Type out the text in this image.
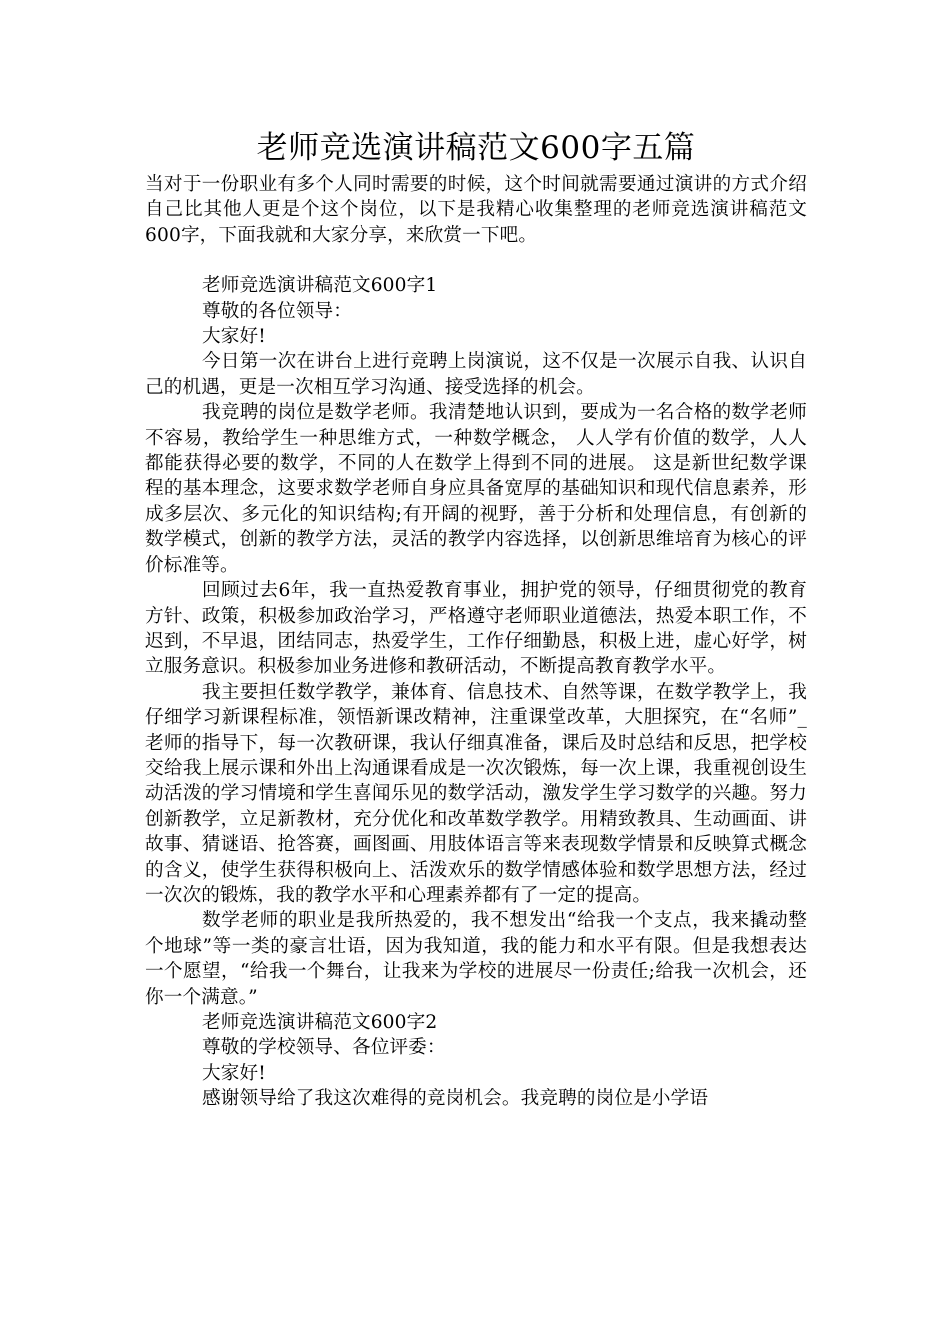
老师竞选演讲稿范文600字五篇

当对于一份职业有多个人同时需要的时候，这个时间就需要通过演讲的方式介绍自己比其他人更是个这个岗位，以下是我精心收集整理的老师竞选演讲稿范文600字，下面我就和大家分享，来欣赏一下吧。

老师竞选演讲稿范文600字1

尊敬的各位领导：

大家好!

今日第一次在讲台上进行竞聘上岗演说，这不仅是一次展示自我、认识自己的机遇，更是一次相互学习沟通、接受选择的机会。

我竞聘的岗位是数学老师。我清楚地认识到，要成为一名合格的数学老师不容易，教给学生一种思维方式，一种数学概念， 人人学有价值的数学，人人都能获得必要的数学，不同的人在数学上得到不同的进展。 这是新世纪数学课程的基本理念，这要求数学老师自身应具备宽厚的基础知识和现代信息素养，形成多层次、多元化的知识结构;有开阔的视野，善于分析和处理信息，有创新的数学模式，创新的教学方法，灵活的教学内容选择，以创新思维培育为核心的评价标准等。

回顾过去6年，我一直热爱教育事业，拥护党的领导，仔细贯彻党的教育方针、政策，积极参加政治学习，严格遵守老师职业道德法，热爱本职工作，不迟到，不早退，团结同志，热爱学生，工作仔细勤恳，积极上进，虚心好学，树立服务意识。积极参加业务进修和教研活动，不断提高教育教学水平。

我主要担任数学教学，兼体育、信息技术、自然等课，在数学教学上，我仔细学习新课程标准，领悟新课改精神，注重课堂改革，大胆探究，在“名师”_老师的指导下，每一次教研课，我认仔细真准备，课后及时总结和反思，把学校交给我上展示课和外出上沟通课看成是一次次锻炼，每一次上课，我重视创设生动活泼的学习情境和学生喜闻乐见的数学活动，激发学生学习数学的兴趣。努力创新教学，立足新教材，充分优化和改革数学教学。用精致教具、生动画面、讲故事、猜谜语、抢答赛，画图画、用肢体语言等来表现数学情景和反映算式概念的含义，使学生获得积极向上、活泼欢乐的数学情感体验和数学思想方法，经过一次次的锻炼，我的教学水平和心理素养都有了一定的提高。

数学老师的职业是我所热爱的，我不想发出“给我一个支点，我来撬动整个地球”等一类的豪言壮语，因为我知道，我的能力和水平有限。但是我想表达一个愿望，“给我一个舞台，让我来为学校的进展尽一份责任;给我一次机会，还你一个满意。”

老师竞选演讲稿范文600字2

尊敬的学校领导、各位评委：

大家好!

感谢领导给了我这次难得的竞岗机会。我竞聘的岗位是小学语
